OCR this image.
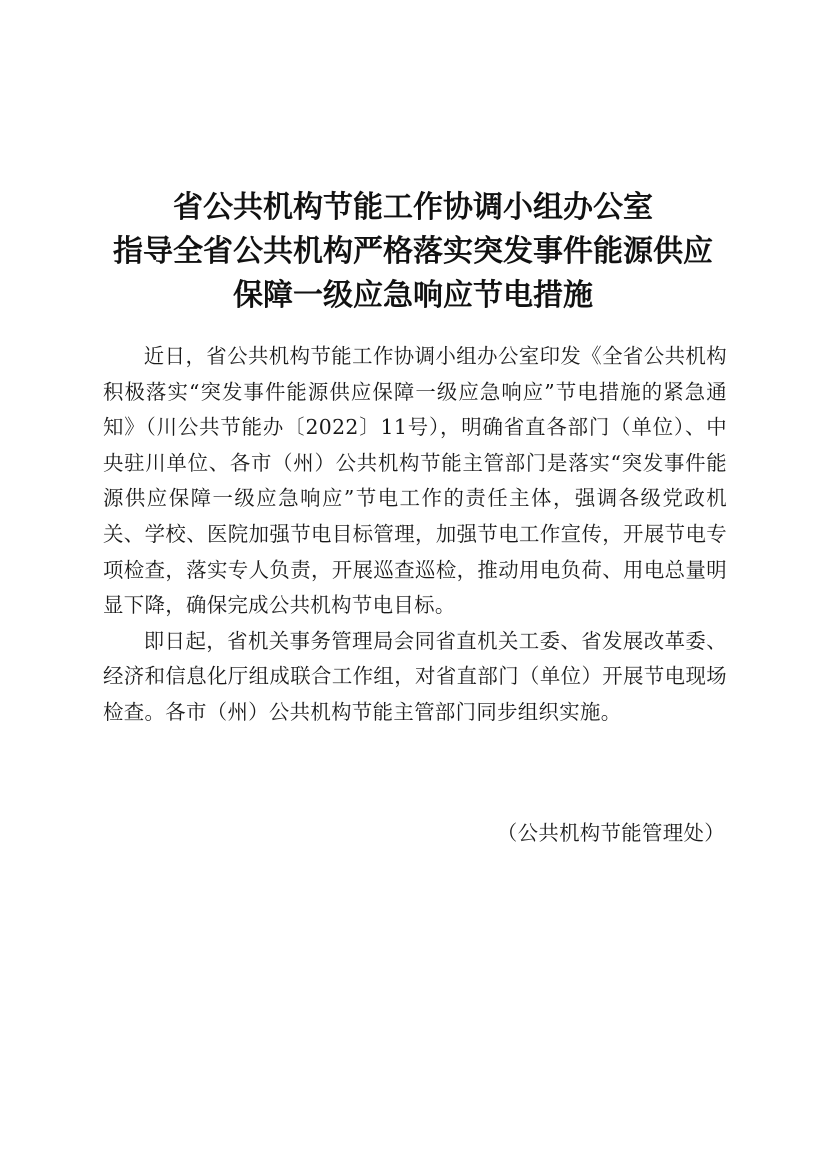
省公共机构节能工作协调小组办公室
指导全省公共机构严格落实突发事件能源供应
保障一级应急响应节电措施

近日，省公共机构节能工作协调小组办公室印发《全省公共机构积极落实“突发事件能源供应保障一级应急响应”节电措施的紧急通知》（川公共节能办〔2022〕11号），明确省直各部门（单位）、中央驻川单位、各市（州）公共机构节能主管部门是落实“突发事件能源供应保障一级应急响应”节电工作的责任主体，强调各级党政机关、学校、医院加强节电目标管理，加强节电工作宣传，开展节电专项检查，落实专人负责，开展巡查巡检，推动用电负荷、用电总量明显下降，确保完成公共机构节电目标。

即日起，省机关事务管理局会同省直机关工委、省发展改革委、经济和信息化厅组成联合工作组，对省直部门（单位）开展节电现场检查。各市（州）公共机构节能主管部门同步组织实施。

（公共机构节能管理处）
